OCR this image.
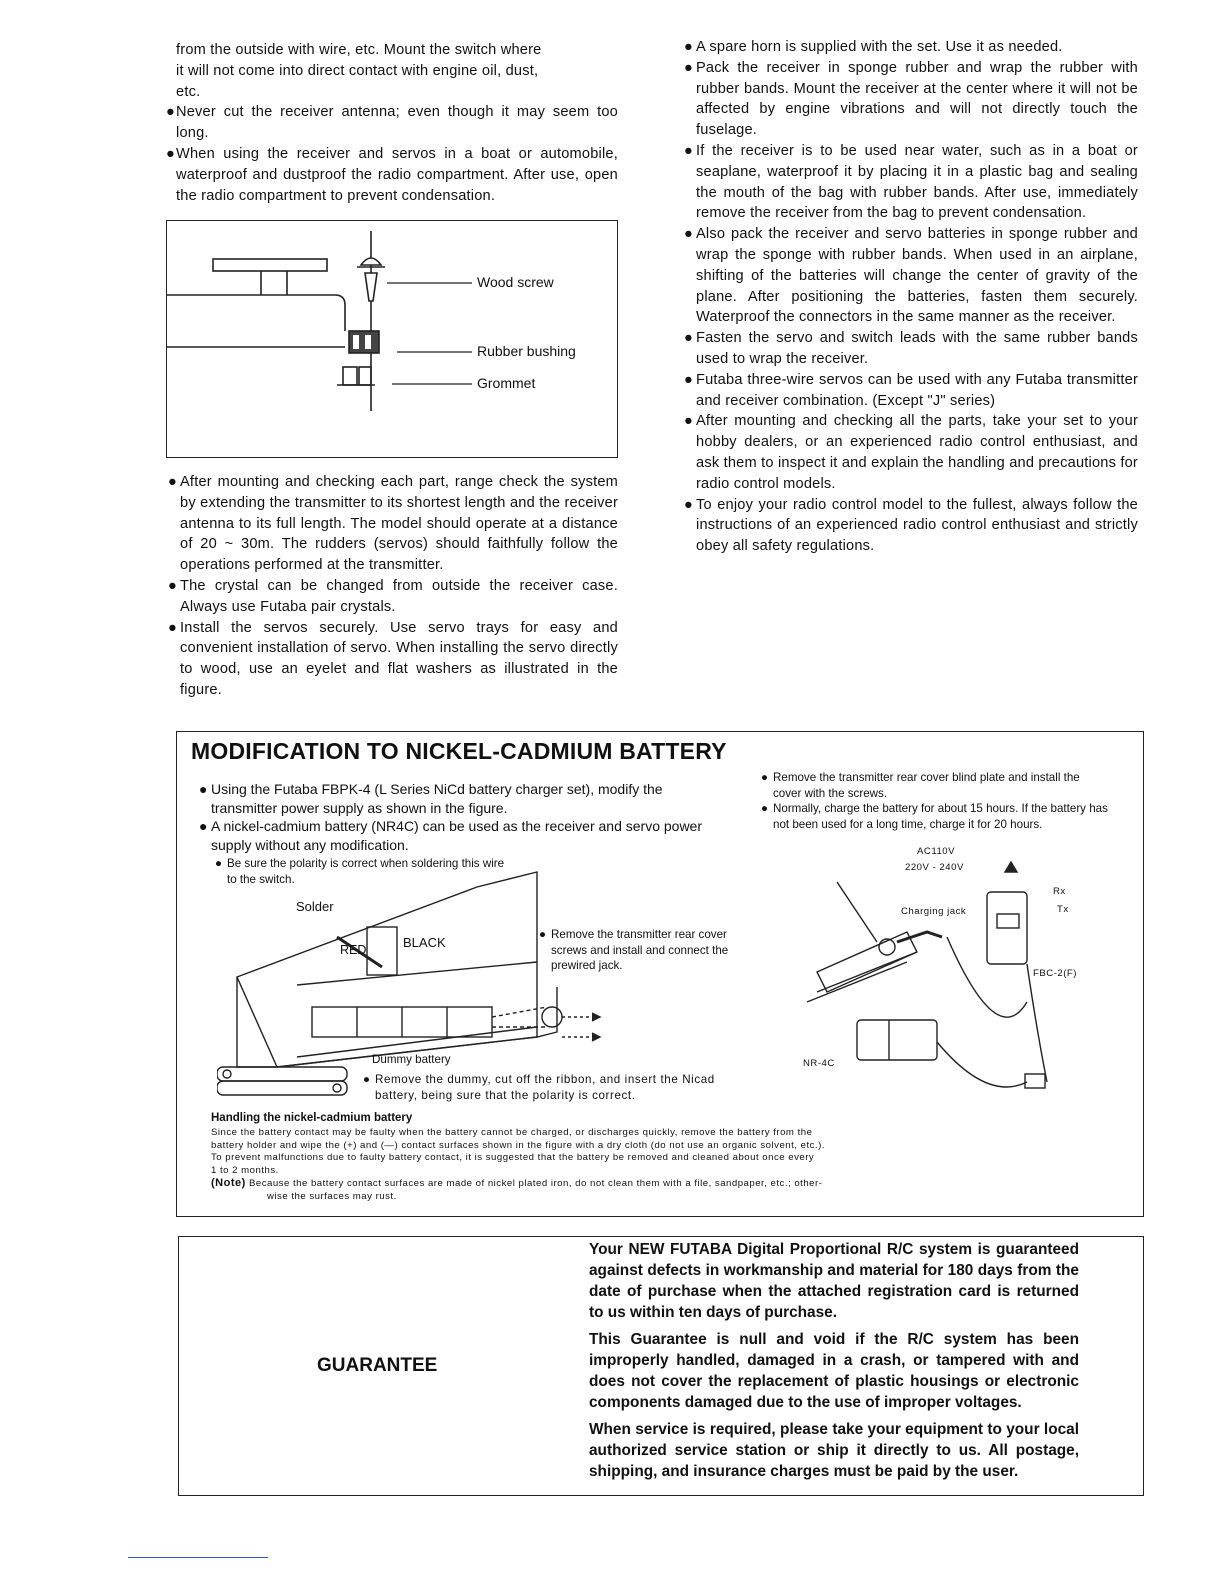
from the outside with wire, etc. Mount the switch where

it will not come into direct contact with engine oil, dust,

etc.

● Never cut the receiver antenna; even though it may seem too long.

● When using the receiver and servos in a boat or automobile, waterproof and dustproof the radio compartment. After use, open the radio compartment to prevent condensation.

Wood screw
Rubber bushing
Grommet

● After mounting and checking each part, range check the system by extending the transmitter to its shortest length and the receiver antenna to its full length. The model should operate at a distance of 20 ~ 30m. The rudders (servos) should faithfully follow the operations performed at the transmitter.

● The crystal can be changed from outside the receiver case. Always use Futaba pair crystals.

● Install the servos securely. Use servo trays for easy and convenient installation of servo. When installing the servo directly to wood, use an eyelet and flat washers as illustrated in the figure.

● A spare horn is supplied with the set. Use it as needed.

● Pack the receiver in sponge rubber and wrap the rubber with rubber bands. Mount the receiver at the center where it will not be affected by engine vibrations and will not directly touch the fuselage.

● If the receiver is to be used near water, such as in a boat or seaplane, waterproof it by placing it in a plastic bag and sealing the mouth of the bag with rubber bands. After use, immediately remove the receiver from the bag to prevent condensation.

● Also pack the receiver and servo batteries in sponge rubber and wrap the sponge with rubber bands. When used in an airplane, shifting of the batteries will change the center of gravity of the plane. After positioning the batteries, fasten them securely. Waterproof the connectors in the same manner as the receiver.

● Fasten the servo and switch leads with the same rubber bands used to wrap the receiver.

● Futaba three-wire servos can be used with any Futaba transmitter and receiver combination. (Except "J" series)

● After mounting and checking all the parts, take your set to your hobby dealers, or an experienced radio control enthusiast, and ask them to inspect it and explain the handling and precautions for radio control models.

● To enjoy your radio control model to the fullest, always follow the instructions of an experienced radio control enthusiast and strictly obey all safety regulations.

MODIFICATION TO NICKEL-CADMIUM BATTERY
● Using the Futaba FBPK-4 (L Series NiCd battery charger set), modify the transmitter power supply as shown in the figure.
● A nickel-cadmium battery (NR4C) can be used as the receiver and servo power supply without any modification.
● Be sure the polarity is correct when soldering this wire to the switch.
Solder
RED	BLACK
● Remove the transmitter rear cover screws and install and connect the prewired jack.
Dummy battery
● Remove the dummy, cut off the ribbon, and insert the Nicad battery, being sure that the polarity is correct.
● Remove the transmitter rear cover blind plate and install the cover with the screws.
● Normally, charge the battery for about 15 hours. If the battery has not been used for a long time, charge it for 20 hours.
AC110V
220V - 240V
Charging jack
Rx
Tx
FBC-2(F)
NR-4C
Handling the nickel-cadmium battery
Since the battery contact may be faulty when the battery cannot be charged, or discharges quickly, remove the battery from the
battery holder and wipe the (+) and (—) contact surfaces shown in the figure with a dry cloth (do not use an organic solvent, etc.).
To prevent malfunctions due to faulty battery contact, it is suggested that the battery be removed and cleaned about once every
1 to 2 months.
(Note) Because the battery contact surfaces are made of nickel plated iron, do not clean them with a file, sandpaper, etc.; other-
wise the surfaces may rust.
GUARANTEE

Your NEW FUTABA Digital Proportional R/C system is guaranteed against defects in workmanship and material for 180 days from the date of purchase when the attached registration card is returned to us within ten days of purchase.

This Guarantee is null and void if the R/C system has been improperly handled, damaged in a crash, or tampered with and does not cover the replacement of plastic housings or electronic components damaged due to the use of improper voltages.

When service is required, please take your equipment to your local authorized service station or ship it directly to us. All postage, shipping, and insurance charges must be paid by the user.
